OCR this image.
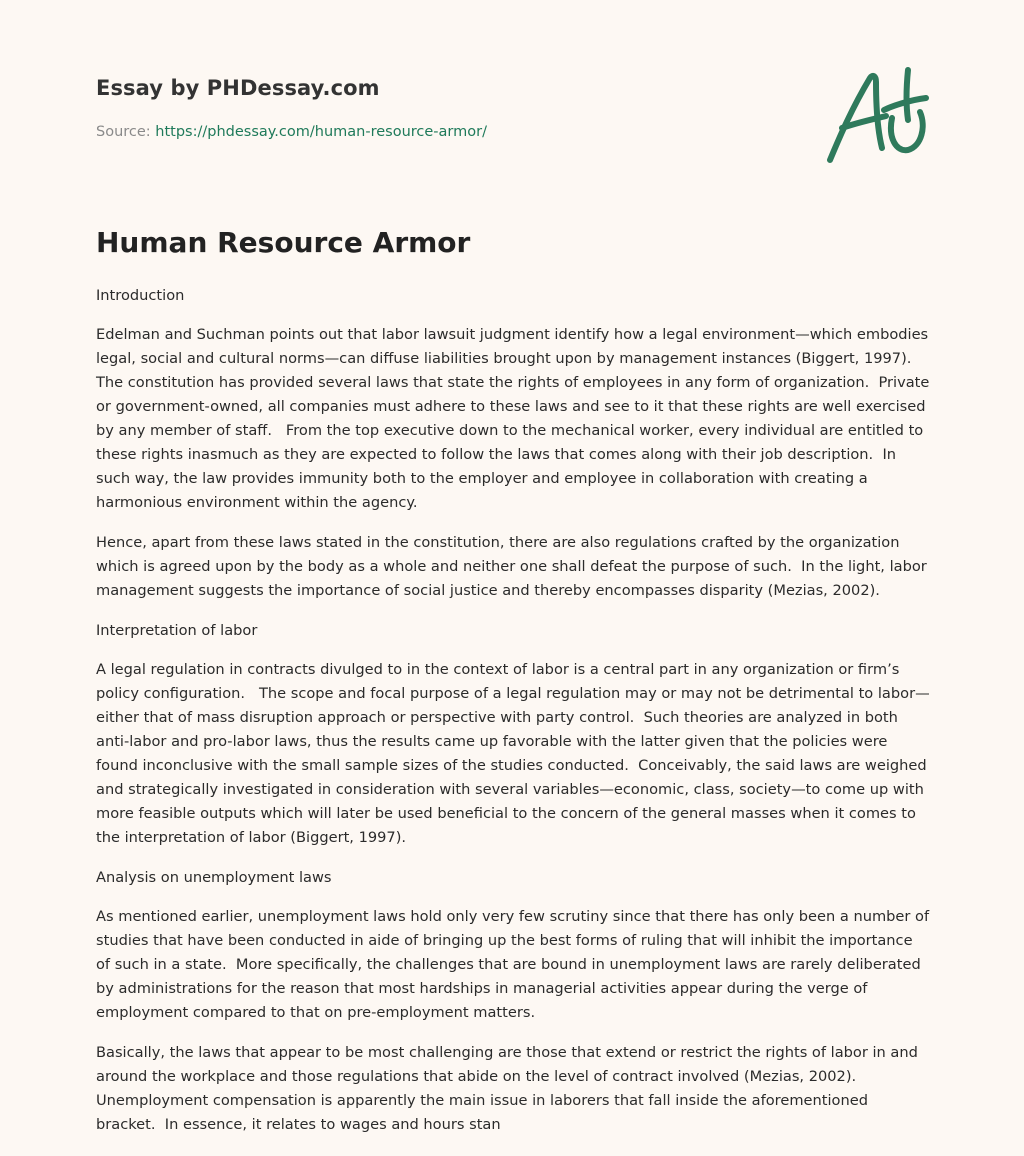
Essay by PHDessay.com

Source: https://phdessay.com/human-resource-armor/

Human Resource Armor

Introduction

Edelman and Suchman points out that labor lawsuit judgment identify how a legal environment—which embodies legal, social and cultural norms—can diffuse liabilities brought upon by management instances (Biggert, 1997).  The constitution has provided several laws that state the rights of employees in any form of organization.  Private or government-owned, all companies must adhere to these laws and see to it that these rights are well exercised by any member of staff.   From the top executive down to the mechanical worker, every individual are entitled to these rights inasmuch as they are expected to follow the laws that comes along with their job description.  In such way, the law provides immunity both to the employer and employee in collaboration with creating a harmonious environment within the agency.

Hence, apart from these laws stated in the constitution, there are also regulations crafted by the organization which is agreed upon by the body as a whole and neither one shall defeat the purpose of such.  In the light, labor management suggests the importance of social justice and thereby encompasses disparity (Mezias, 2002).

Interpretation of labor

A legal regulation in contracts divulged to in the context of labor is a central part in any organization or firm’s policy configuration.   The scope and focal purpose of a legal regulation may or may not be detrimental to labor—either that of mass disruption approach or perspective with party control.  Such theories are analyzed in both anti-labor and pro-labor laws, thus the results came up favorable with the latter given that the policies were found inconclusive with the small sample sizes of the studies conducted.  Conceivably, the said laws are weighed and strategically investigated in consideration with several variables—economic, class, society—to come up with more feasible outputs which will later be used beneficial to the concern of the general masses when it comes to the interpretation of labor (Biggert, 1997).

Analysis on unemployment laws

As mentioned earlier, unemployment laws hold only very few scrutiny since that there has only been a number of studies that have been conducted in aide of bringing up the best forms of ruling that will inhibit the importance of such in a state.  More specifically, the challenges that are bound in unemployment laws are rarely deliberated by administrations for the reason that most hardships in managerial activities appear during the verge of employment compared to that on pre-employment matters.

Basically, the laws that appear to be most challenging are those that extend or restrict the rights of labor in and around the workplace and those regulations that abide on the level of contract involved (Mezias, 2002).  Unemployment compensation is apparently the main issue in laborers that fall inside the aforementioned bracket.  In essence, it relates to wages and hours stan
